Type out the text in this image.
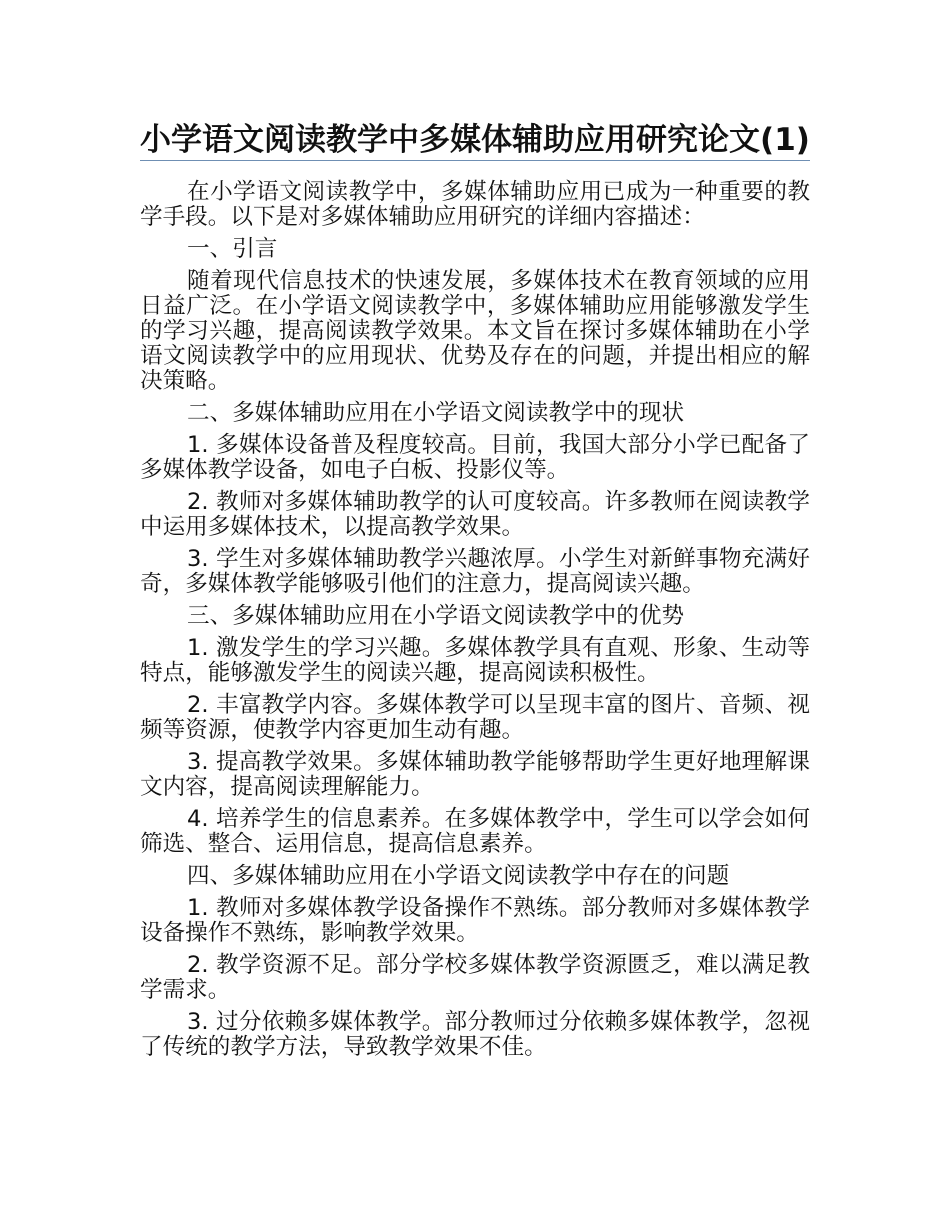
小学语文阅读教学中多媒体辅助应用研究论文(1)

在小学语文阅读教学中，多媒体辅助应用已成为一种重要的教学手段。以下是对多媒体辅助应用研究的详细内容描述：

一、引言

随着现代信息技术的快速发展，多媒体技术在教育领域的应用日益广泛。在小学语文阅读教学中，多媒体辅助应用能够激发学生的学习兴趣，提高阅读教学效果。本文旨在探讨多媒体辅助在小学语文阅读教学中的应用现状、优势及存在的问题，并提出相应的解决策略。

二、多媒体辅助应用在小学语文阅读教学中的现状

1. 多媒体设备普及程度较高。目前，我国大部分小学已配备了多媒体教学设备，如电子白板、投影仪等。

2. 教师对多媒体辅助教学的认可度较高。许多教师在阅读教学中运用多媒体技术，以提高教学效果。

3. 学生对多媒体辅助教学兴趣浓厚。小学生对新鲜事物充满好奇，多媒体教学能够吸引他们的注意力，提高阅读兴趣。

三、多媒体辅助应用在小学语文阅读教学中的优势

1. 激发学生的学习兴趣。多媒体教学具有直观、形象、生动等特点，能够激发学生的阅读兴趣，提高阅读积极性。

2. 丰富教学内容。多媒体教学可以呈现丰富的图片、音频、视频等资源，使教学内容更加生动有趣。

3. 提高教学效果。多媒体辅助教学能够帮助学生更好地理解课文内容，提高阅读理解能力。

4. 培养学生的信息素养。在多媒体教学中，学生可以学会如何筛选、整合、运用信息，提高信息素养。

四、多媒体辅助应用在小学语文阅读教学中存在的问题

1. 教师对多媒体教学设备操作不熟练。部分教师对多媒体教学设备操作不熟练，影响教学效果。

2. 教学资源不足。部分学校多媒体教学资源匮乏，难以满足教学需求。

3. 过分依赖多媒体教学。部分教师过分依赖多媒体教学，忽视了传统的教学方法，导致教学效果不佳。
